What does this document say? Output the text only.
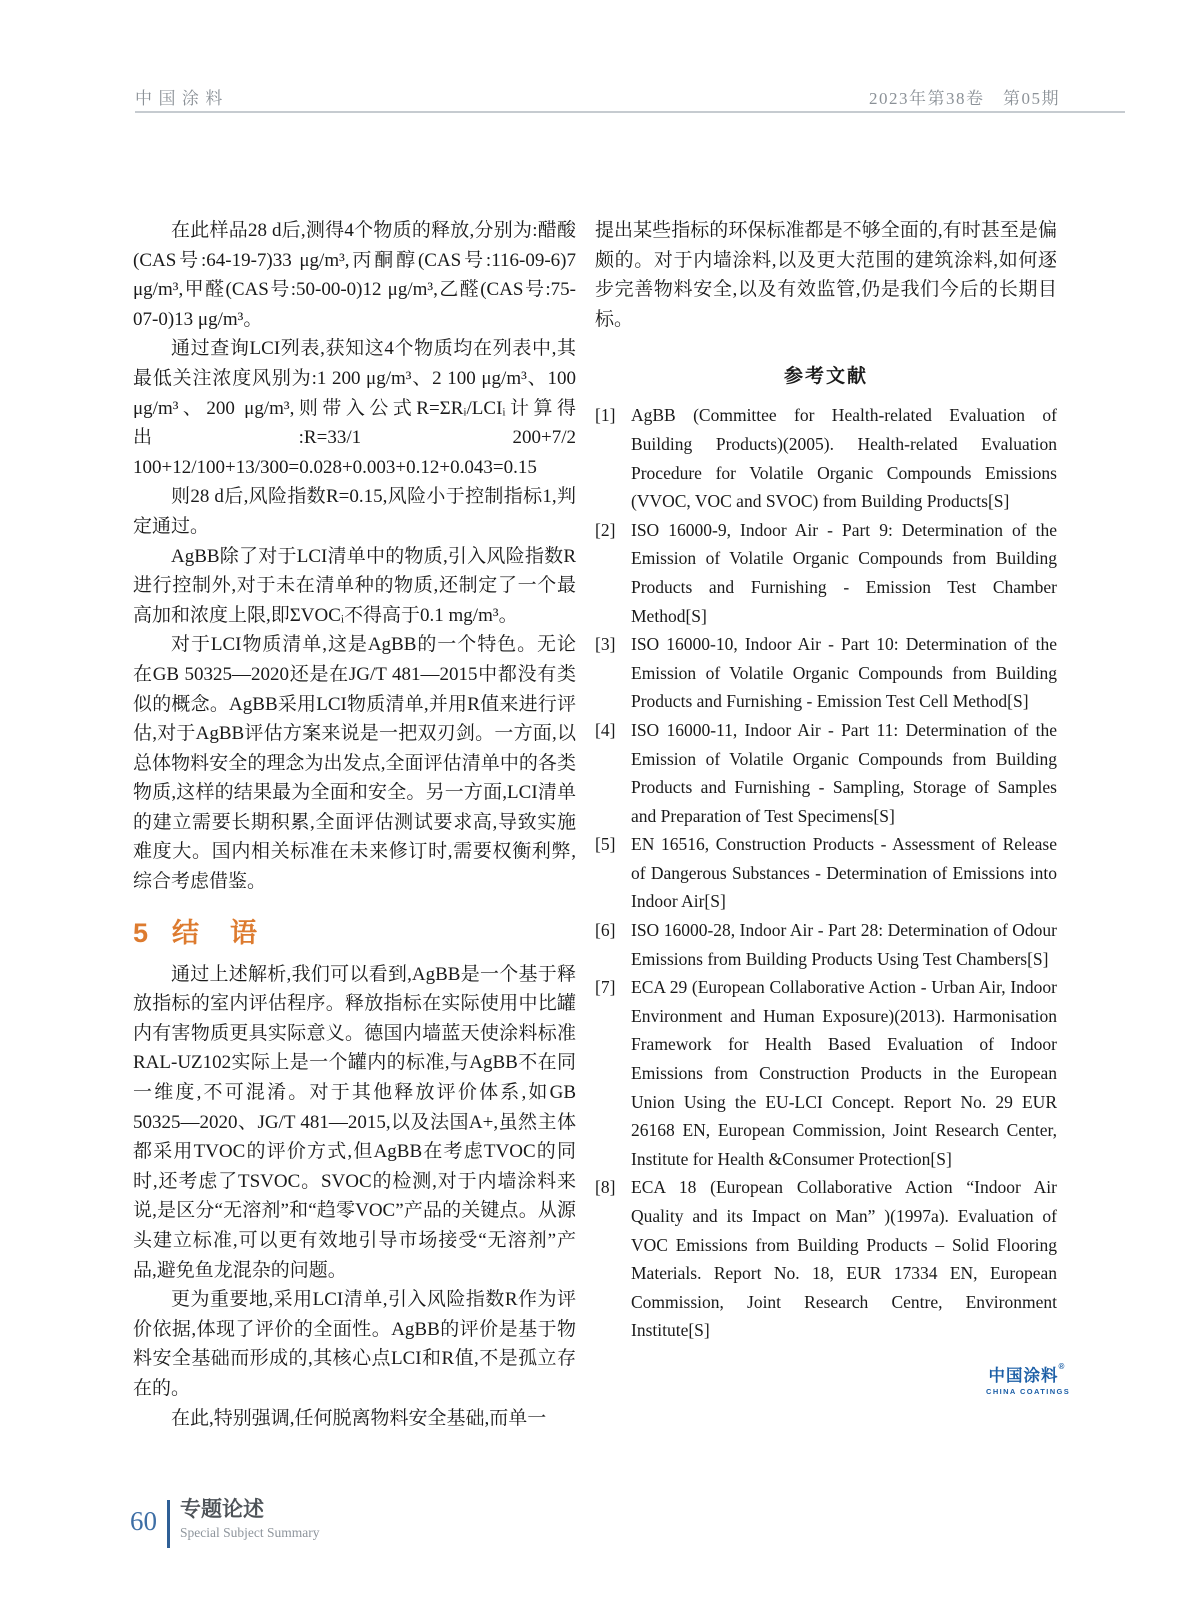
中国涂料	2023年第38卷　第05期

在此样品28 d后,测得4个物质的释放,分别为:醋酸(CAS号:64-19-7)33 μg/m³,丙酮醇(CAS号:116-09-6)7 μg/m³,甲醛(CAS号:50-00-0)12 μg/m³,乙醛(CAS号:75-07-0)13 μg/m³。

通过查询LCI列表,获知这4个物质均在列表中,其最低关注浓度风别为:1 200 μg/m³、2 100 μg/m³、100 μg/m³、200 μg/m³,则带入公式R=ΣRᵢ/LCIᵢ计算得出:R=33/1 200+7/2 100+12/100+13/300=0.028+0.003+0.12+0.043=0.15

则28 d后,风险指数R=0.15,风险小于控制指标1,判定通过。

AgBB除了对于LCI清单中的物质,引入风险指数R进行控制外,对于未在清单种的物质,还制定了一个最高加和浓度上限,即ΣVOCᵢ不得高于0.1 mg/m³。

对于LCI物质清单,这是AgBB的一个特色。无论在GB 50325—2020还是在JG/T 481—2015中都没有类似的概念。AgBB采用LCI物质清单,并用R值来进行评估,对于AgBB评估方案来说是一把双刃剑。一方面,以总体物料安全的理念为出发点,全面评估清单中的各类物质,这样的结果最为全面和安全。另一方面,LCI清单的建立需要长期积累,全面评估测试要求高,导致实施难度大。国内相关标准在未来修订时,需要权衡利弊,综合考虑借鉴。

5 结　语

通过上述解析,我们可以看到,AgBB是一个基于释放指标的室内评估程序。释放指标在实际使用中比罐内有害物质更具实际意义。德国内墙蓝天使涂料标准RAL-UZ102实际上是一个罐内的标准,与AgBB不在同一维度,不可混淆。对于其他释放评价体系,如GB 50325—2020、JG/T 481—2015,以及法国A+,虽然主体都采用TVOC的评价方式,但AgBB在考虑TVOC的同时,还考虑了TSVOC。SVOC的检测,对于内墙涂料来说,是区分“无溶剂”和“趋零VOC”产品的关键点。从源头建立标准,可以更有效地引导市场接受“无溶剂”产品,避免鱼龙混杂的问题。

更为重要地,采用LCI清单,引入风险指数R作为评价依据,体现了评价的全面性。AgBB的评价是基于物料安全基础而形成的,其核心点LCI和R值,不是孤立存在的。

在此,特别强调,任何脱离物料安全基础,而单一

提出某些指标的环保标准都是不够全面的,有时甚至是偏颇的。对于内墙涂料,以及更大范围的建筑涂料,如何逐步完善物料安全,以及有效监管,仍是我们今后的长期目标。

参考文献
[1] AgBB (Committee for Health-related Evaluation of Building Products)(2005). Health-related Evaluation Procedure for Volatile Organic Compounds Emissions (VVOC, VOC and SVOC) from Building Products[S]
[2] ISO 16000-9, Indoor Air - Part 9: Determination of the Emission of Volatile Organic Compounds from Building Products and Furnishing - Emission Test Chamber Method[S]
[3] ISO 16000-10, Indoor Air - Part 10: Determination of the Emission of Volatile Organic Compounds from Building Products and Furnishing - Emission Test Cell Method[S]
[4] ISO 16000-11, Indoor Air - Part 11: Determination of the Emission of Volatile Organic Compounds from Building Products and Furnishing - Sampling, Storage of Samples and Preparation of Test Specimens[S]
[5] EN 16516, Construction Products - Assessment of Release of Dangerous Substances - Determination of Emissions into Indoor Air[S]
[6] ISO 16000-28, Indoor Air - Part 28: Determination of Odour Emissions from Building Products Using Test Chambers[S]
[7] ECA 29 (European Collaborative Action - Urban Air, Indoor Environment and Human Exposure)(2013). Harmonisation Framework for Health Based Evaluation of Indoor Emissions from Construction Products in the European Union Using the EU-LCI Concept. Report No. 29 EUR 26168 EN, European Commission, Joint Research Center, Institute for Health &Consumer Protection[S]
[8] ECA 18 (European Collaborative Action “Indoor Air Quality and its Impact on Man” )(1997a). Evaluation of VOC Emissions from Building Products – Solid Flooring Materials. Report No. 18, EUR 17334 EN, European Commission, Joint Research Centre, Environment Institute[S]
中国涂料®
CHINA COATINGS
60 专题论述
Special Subject Summary
